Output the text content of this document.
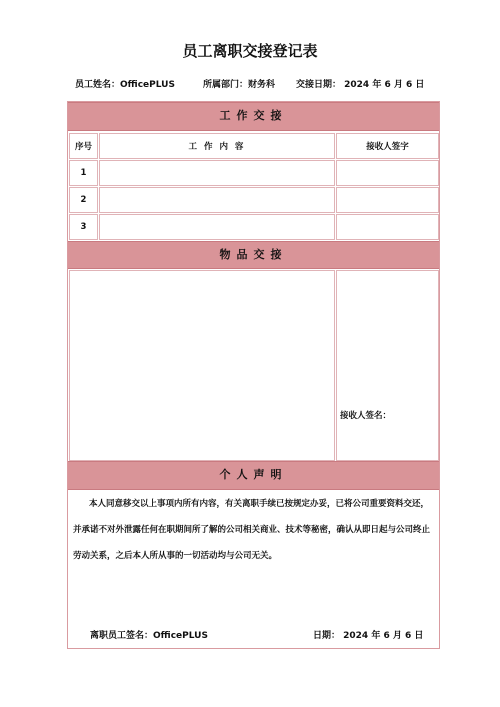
员工离职交接登记表
员工姓名：OfficePLUS	所属部门：财务科 交接日期： 2024 年 6 月 6 日
工作交接
序号	工 作 内 容	接收人签字
1
2
3
物品交接
接收人签名：
个人声明
本人同意移交以上事项内所有内容，有关离职手续已按规定办妥，已将公司重要资料交还，并承诺不对外泄露任何在职期间所了解的公司相关商业、技术等秘密，确认从即日起与公司终止劳动关系，之后本人所从事的一切活动均与公司无关。
离职员工签名：OfficePLUS	日期： 2024 年 6 月 6 日
